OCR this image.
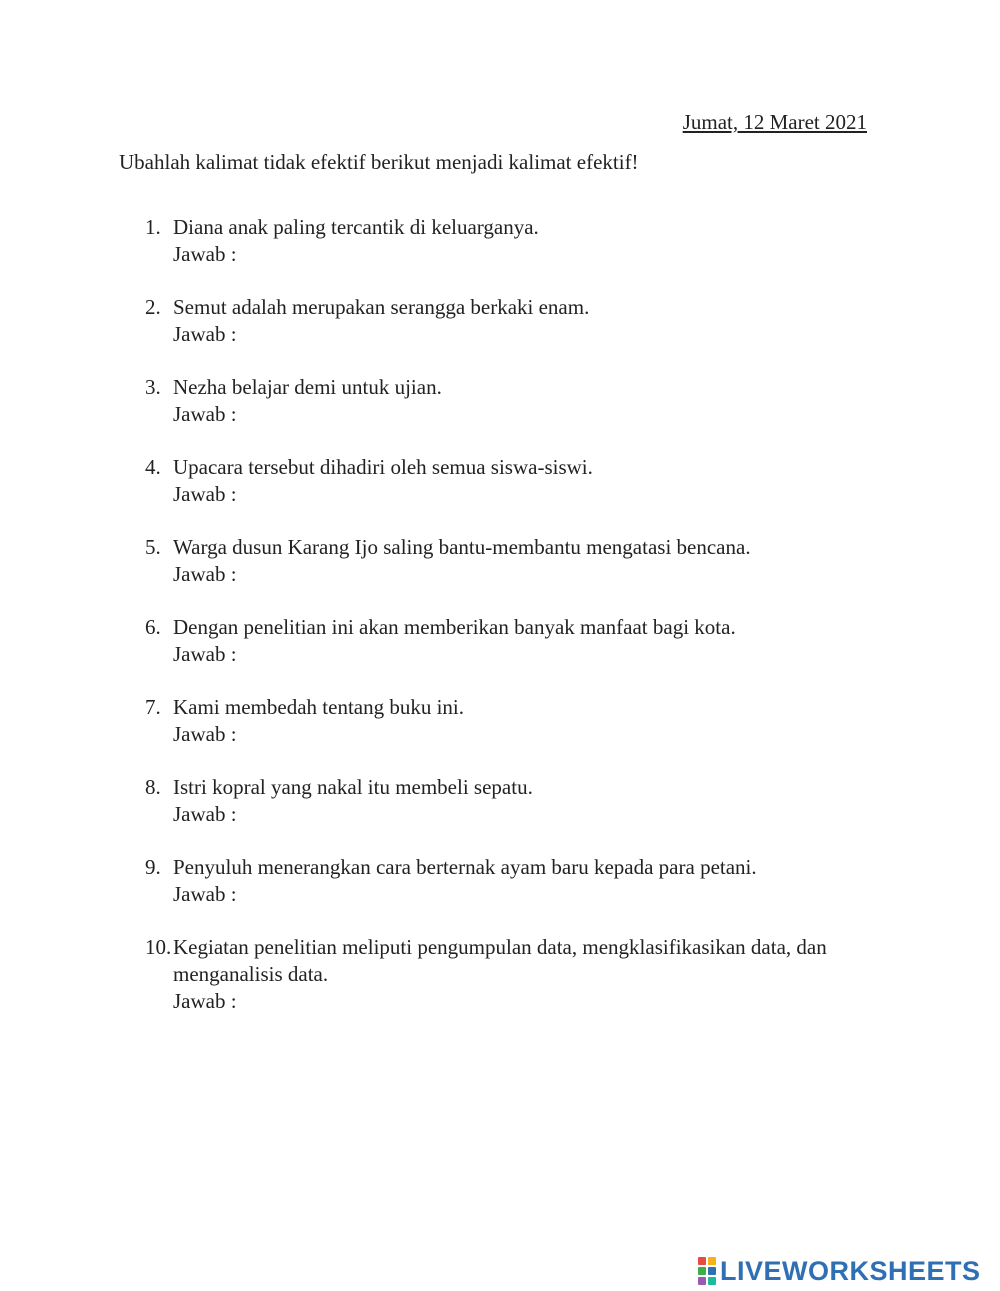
Jumat, 12 Maret 2021
Ubahlah kalimat tidak efektif berikut menjadi kalimat efektif!
1. Diana anak paling tercantik di keluarganya.
Jawab :
2. Semut adalah merupakan serangga berkaki enam.
Jawab :
3. Nezha belajar demi untuk ujian.
Jawab :
4. Upacara tersebut dihadiri oleh semua siswa-siswi.
Jawab :
5. Warga dusun Karang Ijo saling bantu-membantu mengatasi bencana.
Jawab :
6. Dengan penelitian ini akan memberikan banyak manfaat bagi kota.
Jawab :
7. Kami membedah tentang buku ini.
Jawab :
8. Istri kopral yang nakal itu membeli sepatu.
Jawab :
9. Penyuluh menerangkan cara berternak ayam baru kepada para petani.
Jawab :
10. Kegiatan penelitian meliputi pengumpulan data, mengklasifikasikan data, dan
menganalisis data.
Jawab :
LIVEWORKSHEETS
